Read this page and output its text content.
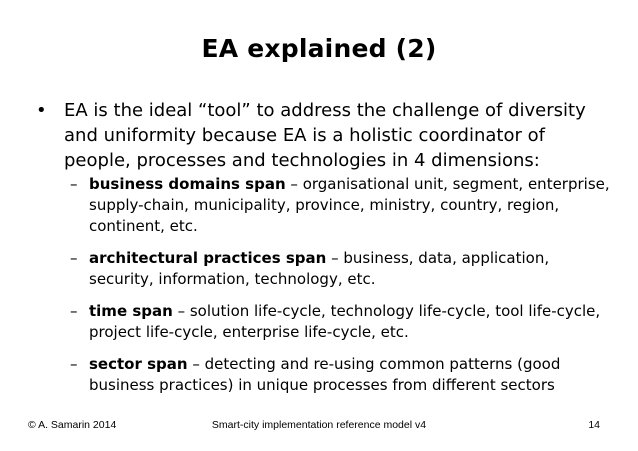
EA explained (2)
• EA is the ideal “tool” to address the challenge of diversity and uniformity because EA is a holistic coordinator of people, processes and technologies in 4 dimensions:
– business domains span – organisational unit, segment, enterprise, supply-chain, municipality, province, ministry, country, region, continent, etc.
– architectural practices span – business, data, application, security, information, technology, etc.
– time span – solution life-cycle, technology life-cycle, tool life-cycle, project life-cycle, enterprise life-cycle, etc.
– sector span – detecting and re-using common patterns (good business practices) in unique processes from different sectors
© A. Samarin 2014	Smart-city implementation reference model v4	14
